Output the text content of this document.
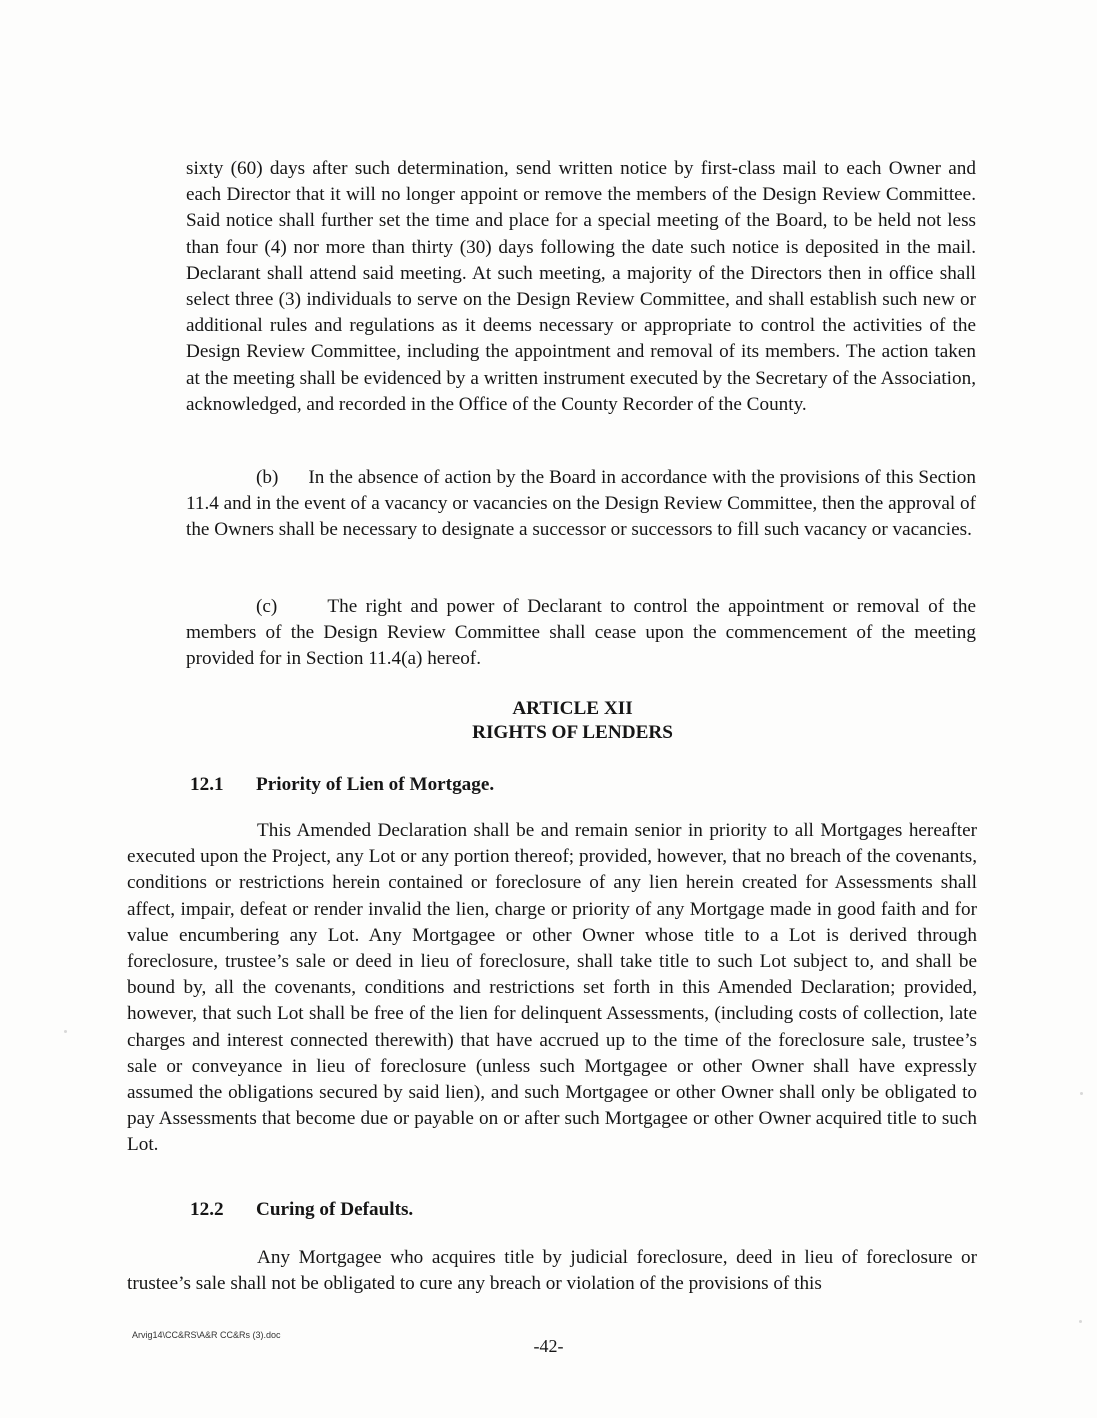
sixty (60) days after such determination, send written notice by first-class mail to each Owner and each Director that it will no longer appoint or remove the members of the Design Review Committee. Said notice shall further set the time and place for a special meeting of the Board, to be held not less than four (4) nor more than thirty (30) days following the date such notice is deposited in the mail. Declarant shall attend said meeting. At such meeting, a majority of the Directors then in office shall select three (3) individuals to serve on the Design Review Committee, and shall establish such new or additional rules and regulations as it deems necessary or appropriate to control the activities of the Design Review Committee, including the appointment and removal of its members. The action taken at the meeting shall be evidenced by a written instrument executed by the Secretary of the Association, acknowledged, and recorded in the Office of the County Recorder of the County.
(b)      In the absence of action by the Board in accordance with the provisions of this Section 11.4 and in the event of a vacancy or vacancies on the Design Review Committee, then the approval of the Owners shall be necessary to designate a successor or successors to fill such vacancy or vacancies.
(c)      The right and power of Declarant to control the appointment or removal of the members of the Design Review Committee shall cease upon the commencement of the meeting provided for in Section 11.4(a) hereof.
ARTICLE XII
RIGHTS OF LENDERS
12.1 Priority of Lien of Mortgage.
This Amended Declaration shall be and remain senior in priority to all Mortgages hereafter executed upon the Project, any Lot or any portion thereof; provided, however, that no breach of the covenants, conditions or restrictions herein contained or foreclosure of any lien herein created for Assessments shall affect, impair, defeat or render invalid the lien, charge or priority of any Mortgage made in good faith and for value encumbering any Lot. Any Mortgagee or other Owner whose title to a Lot is derived through foreclosure, trustee’s sale or deed in lieu of foreclosure, shall take title to such Lot subject to, and shall be bound by, all the covenants, conditions and restrictions set forth in this Amended Declaration; provided, however, that such Lot shall be free of the lien for delinquent Assessments, (including costs of collection, late charges and interest connected therewith) that have accrued up to the time of the foreclosure sale, trustee’s sale or conveyance in lieu of foreclosure (unless such Mortgagee or other Owner shall have expressly assumed the obligations secured by said lien), and such Mortgagee or other Owner shall only be obligated to pay Assessments that become due or payable on or after such Mortgagee or other Owner acquired title to such Lot.
12.2 Curing of Defaults.
Any Mortgagee who acquires title by judicial foreclosure, deed in lieu of foreclosure or trustee’s sale shall not be obligated to cure any breach or violation of the provisions of this
Arvig14\CC&RS\A&R CC&Rs (3).doc
-42-
